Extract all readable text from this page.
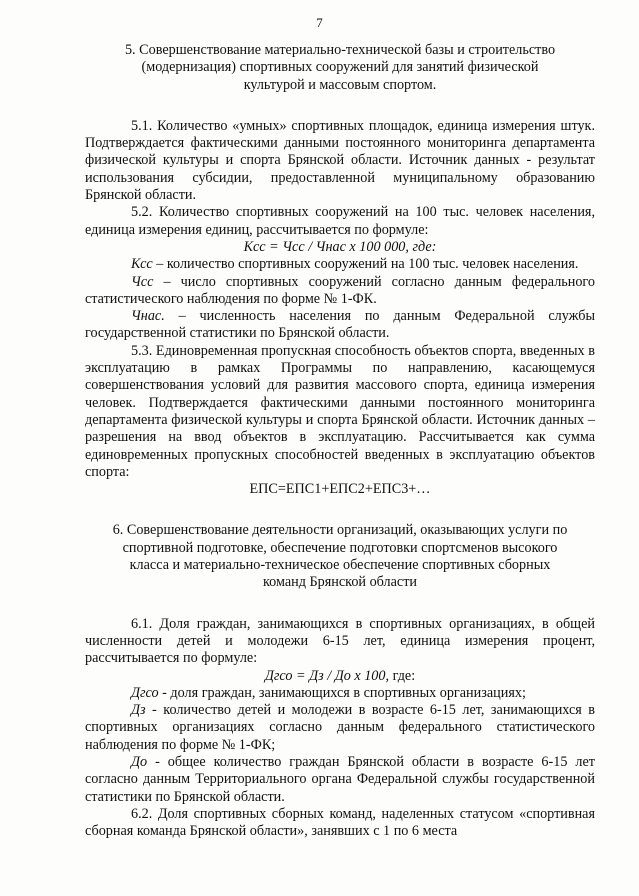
7
5. Совершенствование материально-технической базы и строительство
(модернизация) спортивных сооружений для занятий физической
культурой и массовым спортом.

5.1. Количество «умных» спортивных площадок, единица измерения штук. Подтверждается фактическими данными постоянного мониторинга департамента физической культуры и спорта Брянской области. Источник данных - результат использования субсидии, предоставленной муниципальному образованию Брянской области.

5.2. Количество спортивных сооружений на 100 тыс. человек населения, единица измерения единиц, рассчитывается по формуле:

Кcс = Чсс / Чнас х 100 000, где:

Ксс – количество спортивных сооружений на 100 тыс. человек населения.

Чсс – число спортивных сооружений согласно данным федерального статистического наблюдения по форме № 1-ФК.

Чнас. – численность населения по данным Федеральной службы государственной статистики по Брянской области.

5.3. Единовременная пропускная способность объектов спорта, введенных в эксплуатацию в рамках Программы по направлению, касающемуся совершенствования условий для развития массового спорта, единица измерения человек. Подтверждается фактическими данными постоянного мониторинга департамента физической культуры и спорта Брянской области. Источник данных – разрешения на ввод объектов в эксплуатацию. Рассчитывается как сумма единовременных пропускных способностей введенных в эксплуатацию объектов спорта:

ЕПС=ЕПС1+ЕПС2+ЕПС3+…

6. Совершенствование деятельности организаций, оказывающих услуги по
спортивной подготовке, обеспечение подготовки спортсменов высокого
класса и материально-техническое обеспечение спортивных сборных
команд Брянской области

6.1. Доля граждан, занимающихся в спортивных организациях, в общей численности детей и молодежи 6-15 лет, единица измерения процент, рассчитывается по формуле:

Дгсо = Дз / До х 100, где:

Дгсо - доля граждан, занимающихся в спортивных организациях;

Дз - количество детей и молодежи в возрасте 6-15 лет, занимающихся в спортивных организациях согласно данным федерального статистического наблюдения по форме № 1-ФК;

До - общее количество граждан Брянской области в возрасте 6-15 лет согласно данным Территориального органа Федеральной службы государственной статистики по Брянской области.

6.2. Доля спортивных сборных команд, наделенных статусом «спортивная сборная команда Брянской области», занявших с 1 по 6 места
